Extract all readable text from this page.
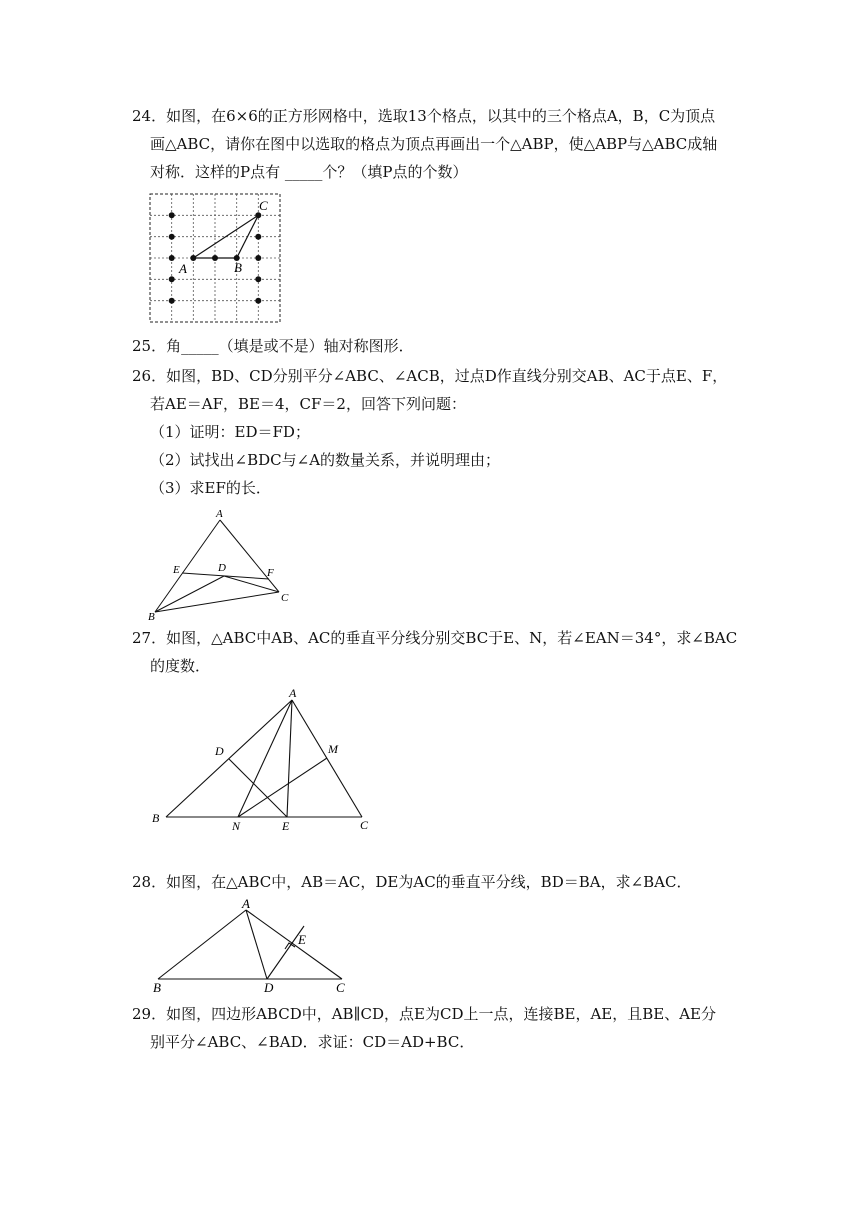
24．如图，在6×6的正方形网格中，选取13个格点，以其中的三个格点A，B，C为顶点
画△ABC，请你在图中以选取的格点为顶点再画出一个△ABP，使△ABP与△ABC成轴
对称．这样的P点有 _____个？（填P点的个数）
A	B
C
25．角_____（填是或不是）轴对称图形．
26．如图，BD、CD分别平分∠ABC、∠ACB，过点D作直线分别交AB、AC于点E、F，
若AE＝AF，BE＝4，CF＝2，回答下列问题：
（1）证明：ED＝FD；
（2）试找出∠BDC与∠A的数量关系，并说明理由；
（3）求EF的长．
A
B
C
D
E	F
27．如图，△ABC中AB、AC的垂直平分线分别交BC于E、N，若∠EAN＝34°，求∠BAC
的度数．
A
B	C
D
E
M
N
28．如图，在△ABC中，AB＝AC，DE为AC的垂直平分线，BD＝BA，求∠BAC．
A
B	C
D
E
29．如图，四边形ABCD中，AB∥CD，点E为CD上一点，连接BE，AE，且BE、AE分
别平分∠ABC、∠BAD．求证：CD＝AD+BC．
